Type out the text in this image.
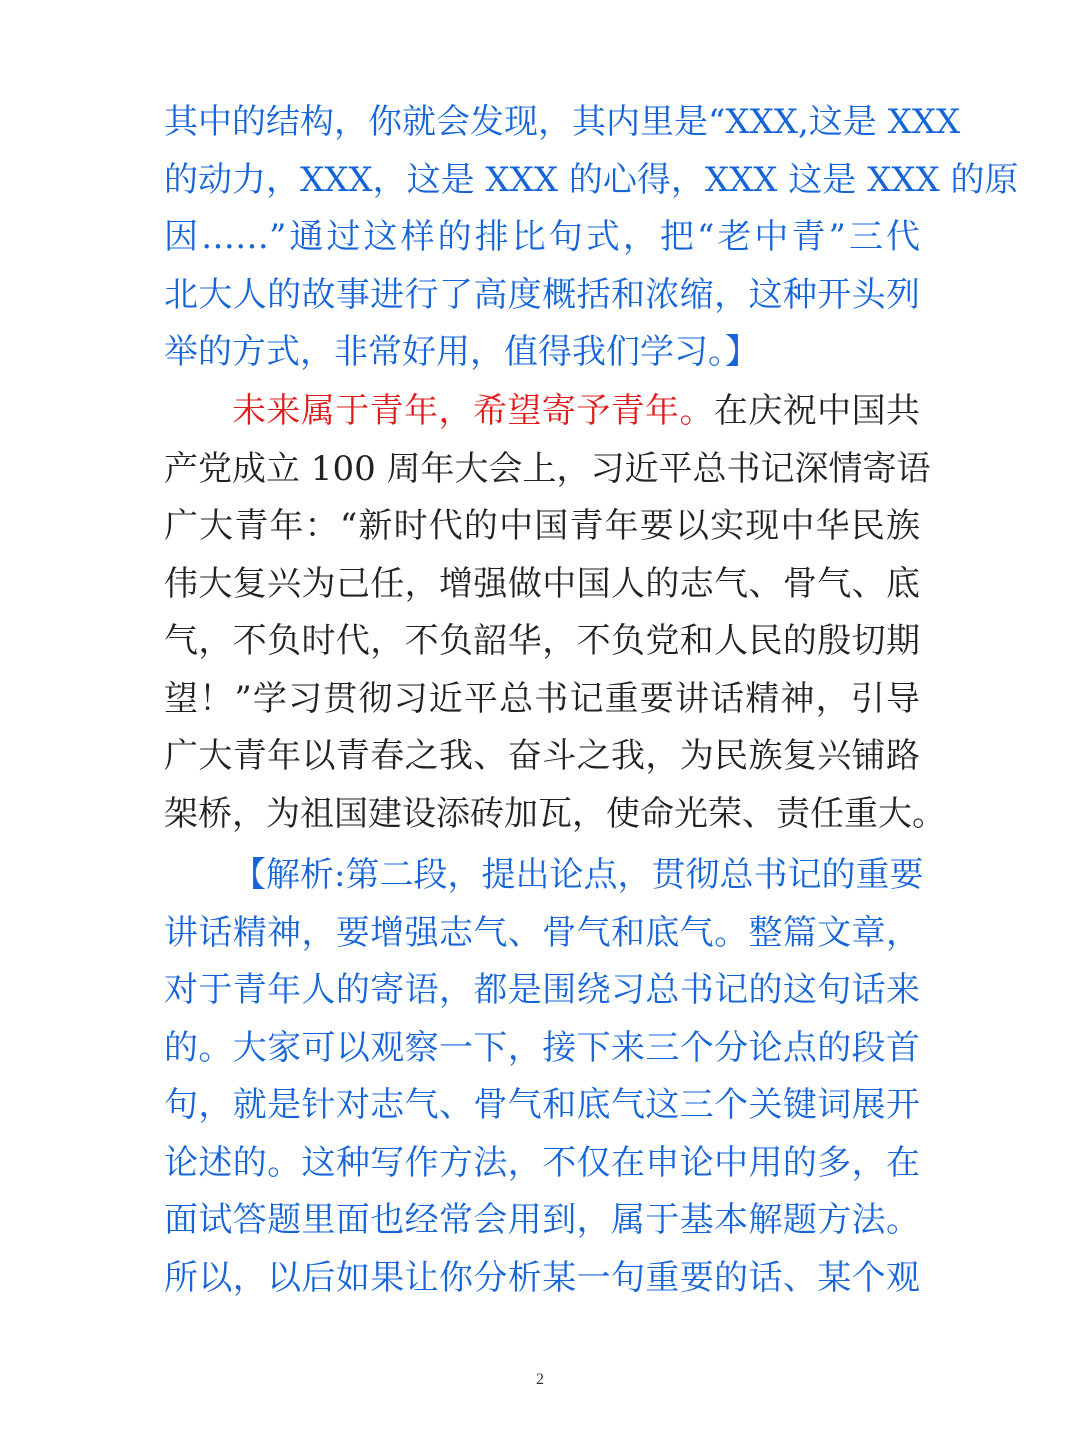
其中的结构，你就会发现，其内里是“XXX,这是 XXX
的动力，XXX，这是 XXX 的心得，XXX 这是 XXX 的原
因……”通过这样的排比句式，把“老中青”三代
北大人的故事进行了高度概括和浓缩，这种开头列
举的方式，非常好用，值得我们学习。】
未来属于青年，希望寄予青年。在庆祝中国共
产党成立 100 周年大会上，习近平总书记深情寄语
广大青年：“新时代的中国青年要以实现中华民族
伟大复兴为己任，增强做中国人的志气、骨气、底
气，不负时代，不负韶华，不负党和人民的殷切期
望！”学习贯彻习近平总书记重要讲话精神，引导
广大青年以青春之我、奋斗之我，为民族复兴铺路
架桥，为祖国建设添砖加瓦，使命光荣、责任重大。
【解析:第二段，提出论点，贯彻总书记的重要
讲话精神，要增强志气、骨气和底气。整篇文章，
对于青年人的寄语，都是围绕习总书记的这句话来
的。大家可以观察一下，接下来三个分论点的段首
句，就是针对志气、骨气和底气这三个关键词展开
论述的。这种写作方法，不仅在申论中用的多，在
面试答题里面也经常会用到，属于基本解题方法。
所以，以后如果让你分析某一句重要的话、某个观
2
